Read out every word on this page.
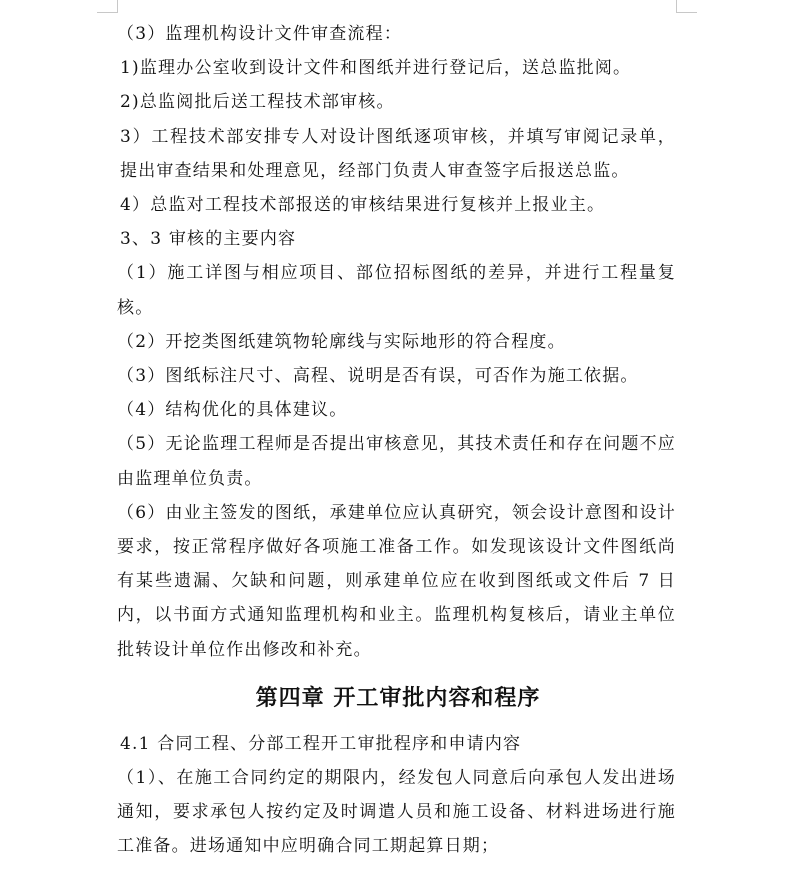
（3）监理机构设计文件审查流程：

1)监理办公室收到设计文件和图纸并进行登记后，送总监批阅。

2)总监阅批后送工程技术部审核。

3）工程技术部安排专人对设计图纸逐项审核，并填写审阅记录单，提出审查结果和处理意见，经部门负责人审查签字后报送总监。

4）总监对工程技术部报送的审核结果进行复核并上报业主。

3、3 审核的主要内容

（1）施工详图与相应项目、部位招标图纸的差异，并进行工程量复核。

（2）开挖类图纸建筑物轮廓线与实际地形的符合程度。

（3）图纸标注尺寸、高程、说明是否有误，可否作为施工依据。

（4）结构优化的具体建议。

（5）无论监理工程师是否提出审核意见，其技术责任和存在问题不应由监理单位负责。

（6）由业主签发的图纸，承建单位应认真研究，领会设计意图和设计要求，按正常程序做好各项施工准备工作。如发现该设计文件图纸尚有某些遗漏、欠缺和问题，则承建单位应在收到图纸或文件后 7 日内，以书面方式通知监理机构和业主。监理机构复核后，请业主单位批转设计单位作出修改和补充。

第四章 开工审批内容和程序

4.1 合同工程、分部工程开工审批程序和申请内容

（1）、在施工合同约定的期限内，经发包人同意后向承包人发出进场通知，要求承包人按约定及时调遣人员和施工设备、材料进场进行施工准备。进场通知中应明确合同工期起算日期；
